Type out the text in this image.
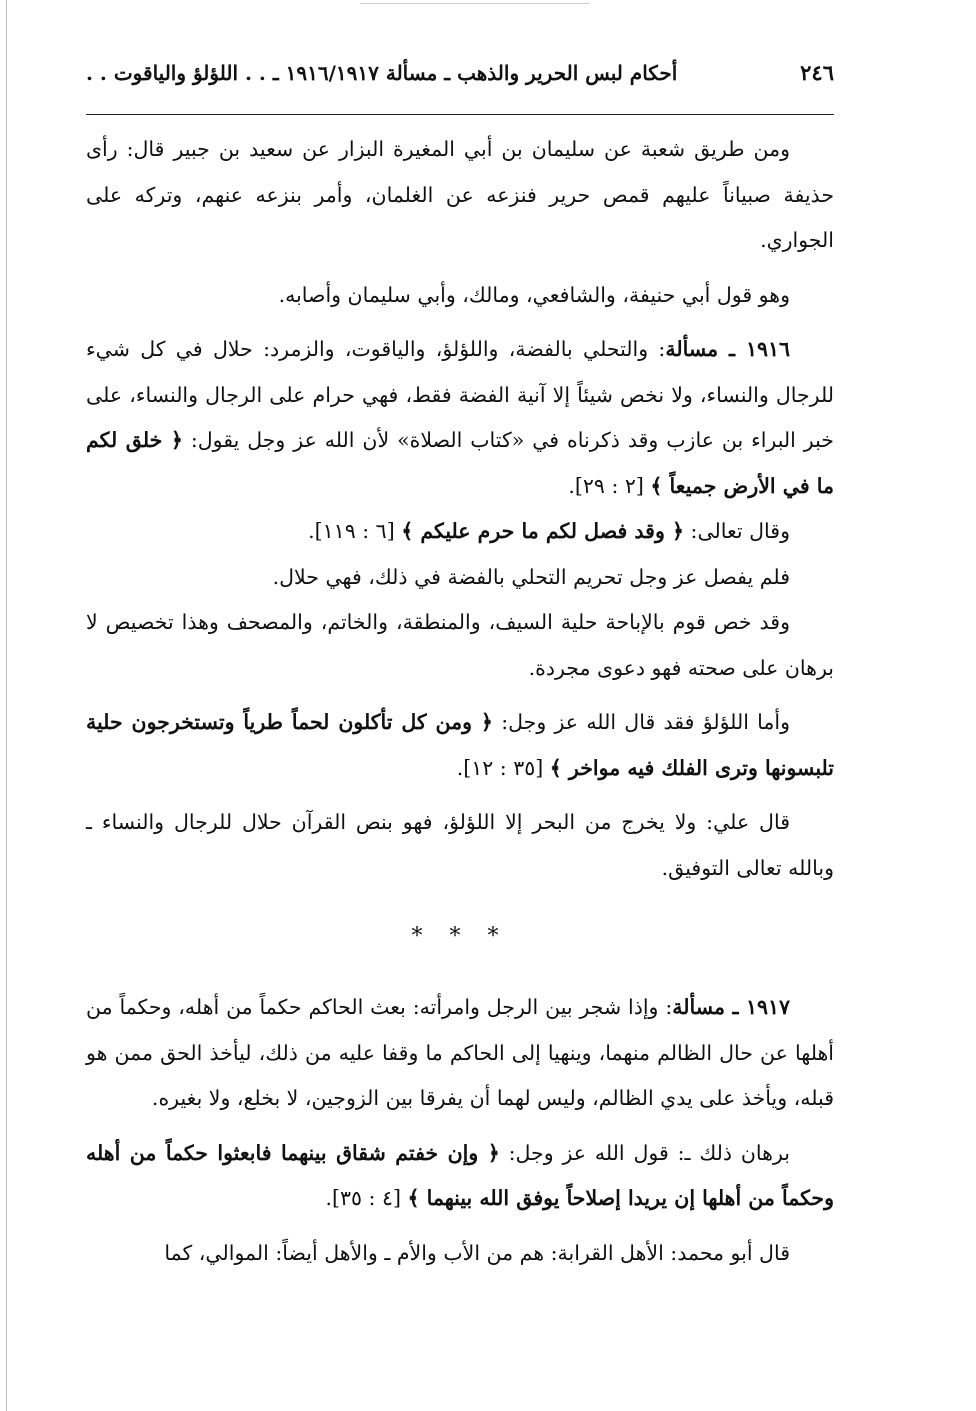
٢٤٦
أحكام لبس الحرير والذهب ـ مسألة ١٩١٦/١٩١٧ ـ . . اللؤلؤ والياقوت . .

ومن طريق شعبة عن سليمان بن أبي المغيرة البزار عن سعيد بن جبير قال: رأى حذيفة صبياناً عليهم قمص حرير فنزعه عن الغلمان، وأمر بنزعه عنهم، وتركه على الجواري.

وهو قول أبي حنيفة، والشافعي، ومالك، وأبي سليمان وأصابه.

١٩١٦ ـ مسألة: والتحلي بالفضة، واللؤلؤ، والياقوت، والزمرد: حلال في كل شيء للرجال والنساء، ولا نخص شيئاً إلا آنية الفضة فقط، فهي حرام على الرجال والنساء، على خبر البراء بن عازب وقد ذكرناه في «كتاب الصلاة» لأن الله عز وجل يقول: ﴿ خلق لكم ما في الأرض جميعاً ﴾ [٢ : ٢٩].

وقال تعالى: ﴿ وقد فصل لكم ما حرم عليكم ﴾ [٦ : ١١٩].

فلم يفصل عز وجل تحريم التحلي بالفضة في ذلك، فهي حلال.

وقد خص قوم بالإباحة حلية السيف، والمنطقة، والخاتم، والمصحف وهذا تخصيص لا برهان على صحته فهو دعوى مجردة.

وأما اللؤلؤ فقد قال الله عز وجل: ﴿ ومن كل تأكلون لحماً طرياً وتستخرجون حلية تلبسونها وترى الفلك فيه مواخر ﴾ [٣٥ : ١٢].

قال علي: ولا يخرج من البحر إلا اللؤلؤ، فهو بنص القرآن حلال للرجال والنساء ـ وبالله تعالى التوفيق.

* * *

١٩١٧ ـ مسألة: وإذا شجر بين الرجل وامرأته: بعث الحاكم حكماً من أهله، وحكماً من أهلها عن حال الظالم منهما، وينهيا إلى الحاكم ما وقفا عليه من ذلك، ليأخذ الحق ممن هو قبله، ويأخذ على يدي الظالم، وليس لهما أن يفرقا بين الزوجين، لا بخلع، ولا بغيره.

برهان ذلك ـ: قول الله عز وجل: ﴿ وإن خفتم شقاق بينهما فابعثوا حكماً من أهله وحكماً من أهلها إن يريدا إصلاحاً يوفق الله بينهما ﴾ [٤ : ٣٥].

قال أبو محمد: الأهل القرابة: هم من الأب والأم ـ والأهل أيضاً: الموالي، كما
